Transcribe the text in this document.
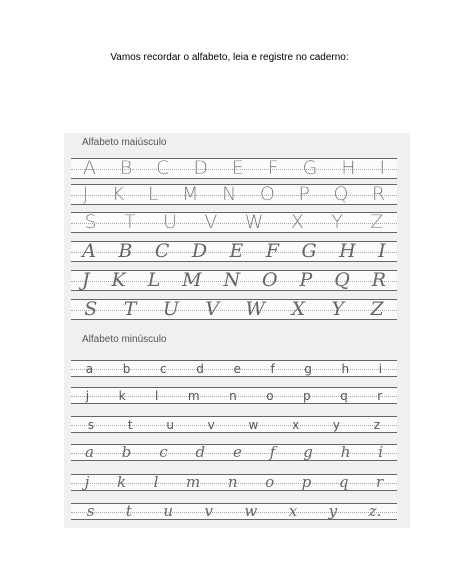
Vamos recordar o alfabeto, leia e registre no caderno:
Alfabeto maiúsculo
A B C D E F G H I
J K L M N O P Q R
S T U V W X Y Z
A B C D E F G H I
J K L M N O P Q R
S T U V W X Y Z
Alfabeto minúsculo
a b c d e f g h i
j k l m n o p q r
s	t	u	v	w	x	y	z
a b c d e f g h i
j k l m n o p q r
s t u v w x y z.
